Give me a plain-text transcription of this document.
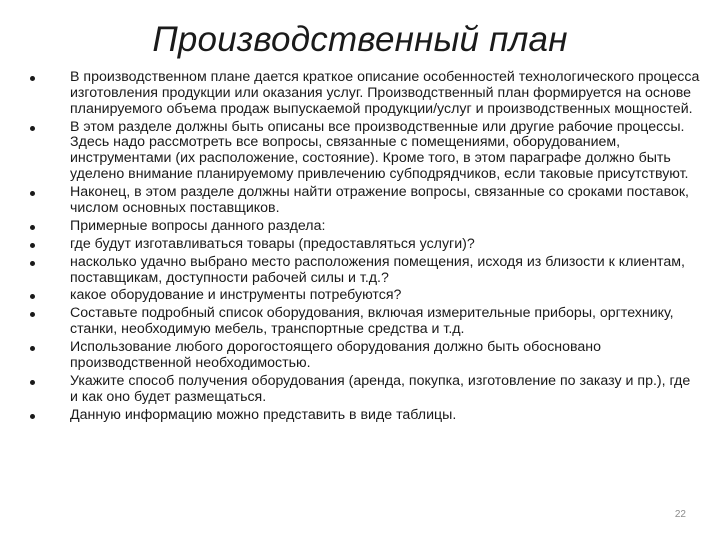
Производственный план
В производственном плане дается краткое описание особенностей технологического процесса изготовления продукции или оказания услуг. Производственный план формируется на основе планируемого объема продаж выпускаемой продукции/услуг и производственных мощностей.
В этом разделе должны быть описаны все производственные или другие рабочие процессы. Здесь надо рассмотреть все вопросы, связанные с помещениями, оборудованием, инструментами (их расположение, состояние). Кроме того, в этом параграфе должно быть уделено внимание планируемому привлечению субподрядчиков, если таковые присутствуют.
Наконец, в этом разделе должны найти отражение вопросы, связанные со сроками поставок, числом основных поставщиков.
Примерные вопросы данного раздела:
где будут изготавливаться товары (предоставляться услуги)?
насколько удачно выбрано место расположения помещения, исходя из близости к клиентам, поставщикам, доступности рабочей силы и т.д.?
какое оборудование и инструменты потребуются?
Составьте подробный список оборудования, включая измерительные приборы, оргтехнику, станки, необходимую мебель, транспортные средства и т.д.
Использование любого дорогостоящего оборудования должно быть обосновано производственной необходимостью.
Укажите способ получения оборудования (аренда, покупка, изготовление по заказу и пр.), где и как оно будет размещаться.
Данную информацию можно представить в виде таблицы.
22
